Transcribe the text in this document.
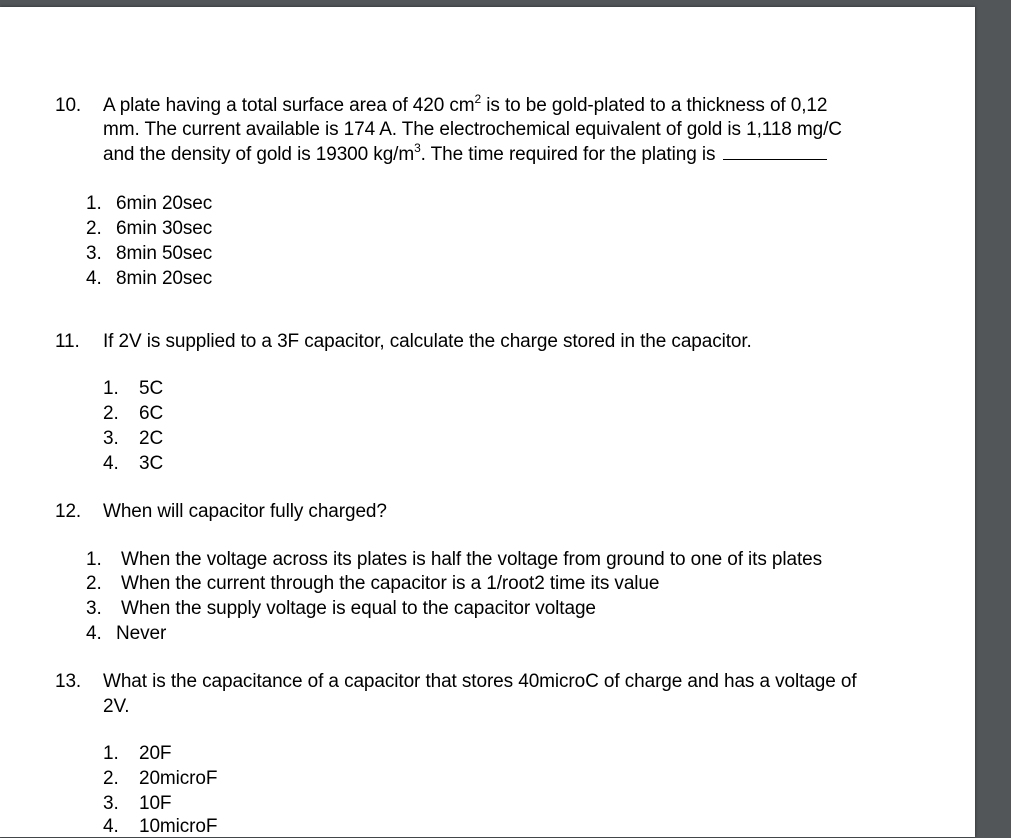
10. A plate having a total surface area of 420 $cm^2$ is to be gold-plated to a thickness of 0,12
mm. The current available is 174 A. The electrochemical equivalent of gold is 1,118 mg/C
and the density of gold is 19300 $kg/m^3$. The time required for the plating is
1. 6min 20sec
2. 6min 30sec
3. 8min 50sec
4. 8min 20sec
11. If 2V is supplied to a 3F capacitor, calculate the charge stored in the capacitor.
1. 5C
2. 6C
3. 2C
4. 3C
12. When will capacitor fully charged?
1. When the voltage across its plates is half the voltage from ground to one of its plates
2. When the current through the capacitor is a 1/root2 time its value
3. When the supply voltage is equal to the capacitor voltage
4. Never
13. What is the capacitance of a capacitor that stores 40microC of charge and has a voltage of
2V.
1. 20F
2. 20microF
3. 10F
4. 10microF
